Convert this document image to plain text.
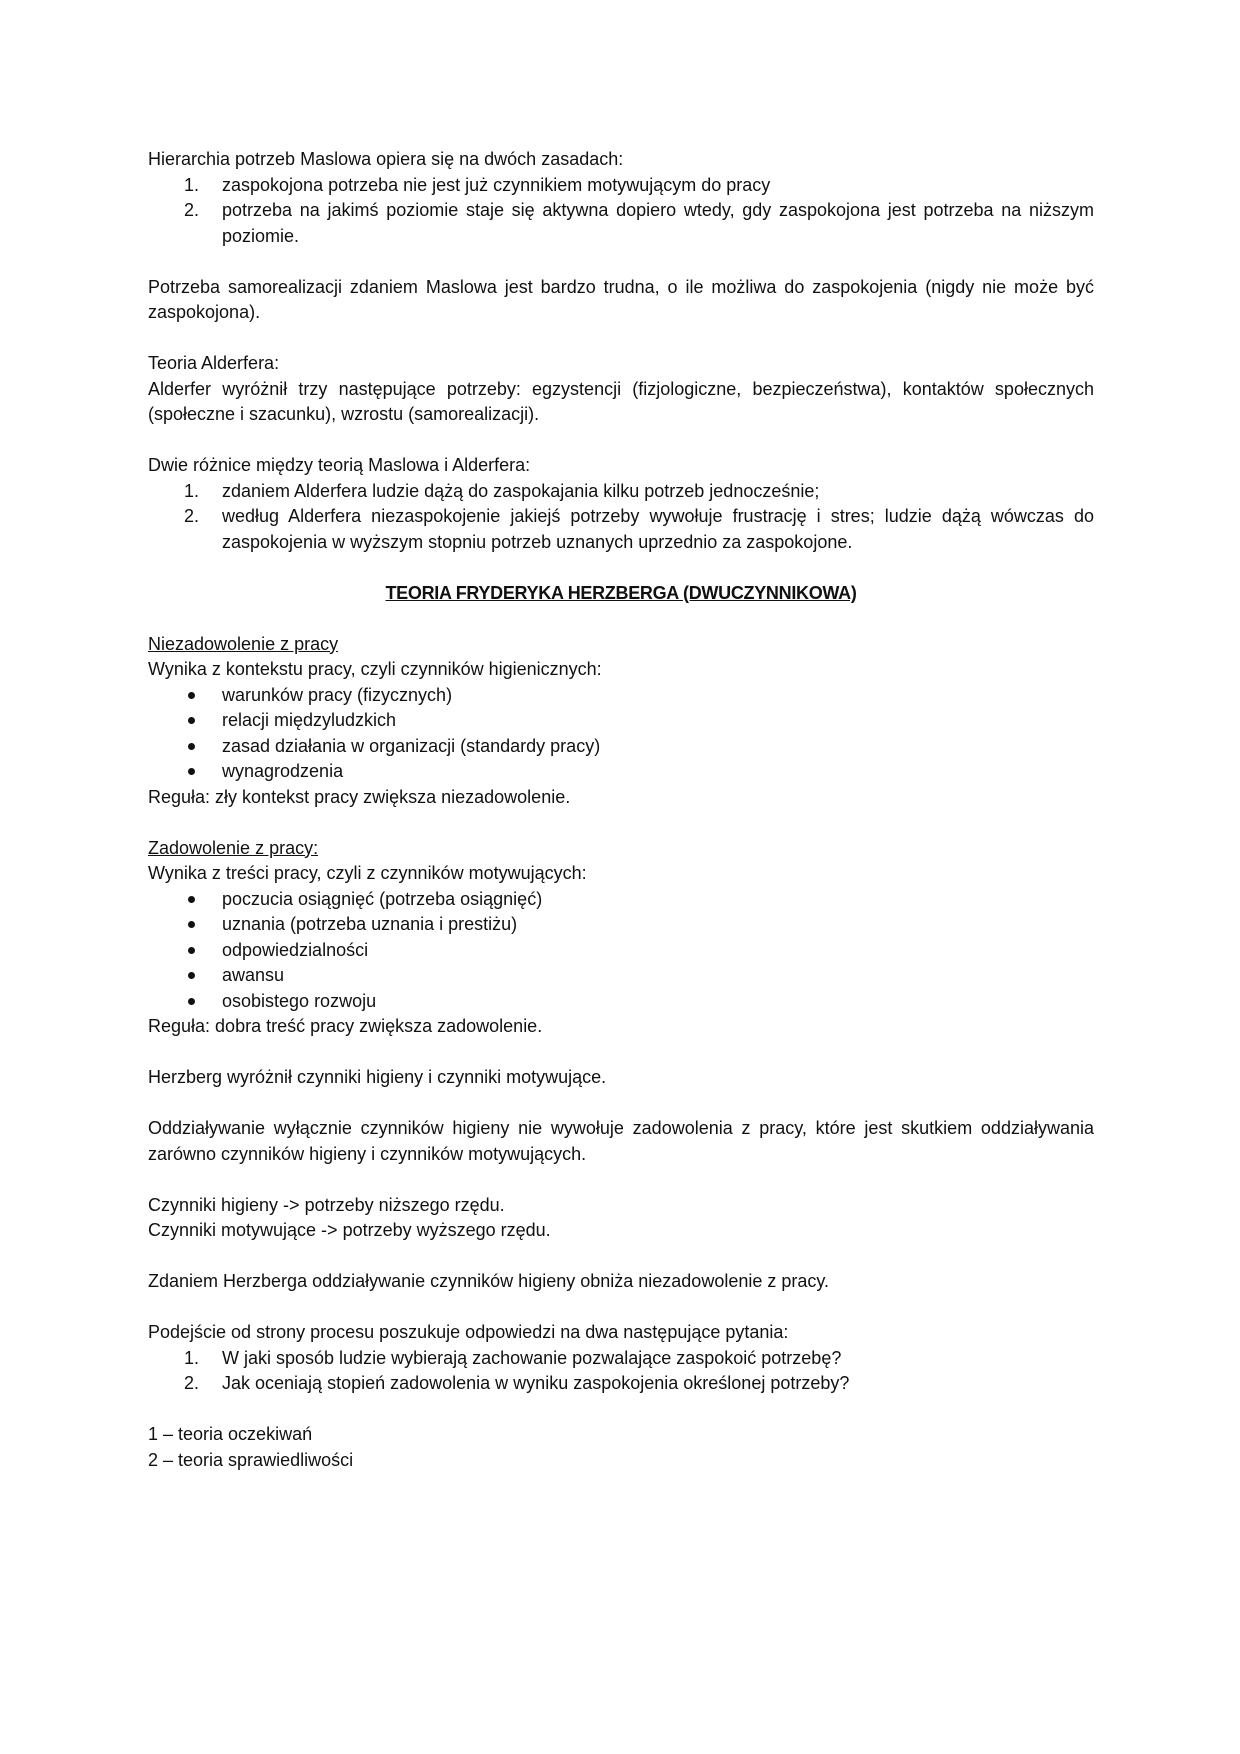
Hierarchia potrzeb Maslowa opiera się na dwóch zasadach:

1. zaspokojona potrzeba nie jest już czynnikiem motywującym do pracy
2. potrzeba na jakimś poziomie staje się aktywna dopiero wtedy, gdy zaspokojona jest potrzeba na niższym poziomie.

Potrzeba samorealizacji zdaniem Maslowa jest bardzo trudna, o ile możliwa do zaspokojenia (nigdy nie może być zaspokojona).

Teoria Alderfera:

Alderfer wyróżnił trzy następujące potrzeby: egzystencji (fizjologiczne, bezpieczeństwa), kontaktów społecznych (społeczne i szacunku), wzrostu (samorealizacji).

Dwie różnice między teorią Maslowa i Alderfera:

1. zdaniem Alderfera ludzie dążą do zaspokajania kilku potrzeb jednocześnie;
2. według Alderfera niezaspokojenie jakiejś potrzeby wywołuje frustrację i stres; ludzie dążą wówczas do zaspokojenia w wyższym stopniu potrzeb uznanych uprzednio za zaspokojone.

TEORIA FRYDERYKA HERZBERGA (DWUCZYNNIKOWA)

Niezadowolenie z pracy

Wynika z kontekstu pracy, czyli czynników higienicznych:

warunków pracy (fizycznych)
relacji międzyludzkich
zasad działania w organizacji (standardy pracy)
wynagrodzenia

Reguła: zły kontekst pracy zwiększa niezadowolenie.

Zadowolenie z pracy:

Wynika z treści pracy, czyli z czynników motywujących:

poczucia osiągnięć (potrzeba osiągnięć)
uznania (potrzeba uznania i prestiżu)
odpowiedzialności
awansu
osobistego rozwoju

Reguła: dobra treść pracy zwiększa zadowolenie.

Herzberg wyróżnił czynniki higieny i czynniki motywujące.

Oddziaływanie wyłącznie czynników higieny nie wywołuje zadowolenia z pracy, które jest skutkiem oddziaływania zarówno czynników higieny i czynników motywujących.

Czynniki higieny -> potrzeby niższego rzędu.

Czynniki motywujące -> potrzeby wyższego rzędu.

Zdaniem Herzberga oddziaływanie czynników higieny obniża niezadowolenie z pracy.

Podejście od strony procesu poszukuje odpowiedzi na dwa następujące pytania:

1. W jaki sposób ludzie wybierają zachowanie pozwalające zaspokoić potrzebę?
2. Jak oceniają stopień zadowolenia w wyniku zaspokojenia określonej potrzeby?

1 – teoria oczekiwań

2 – teoria sprawiedliwości
